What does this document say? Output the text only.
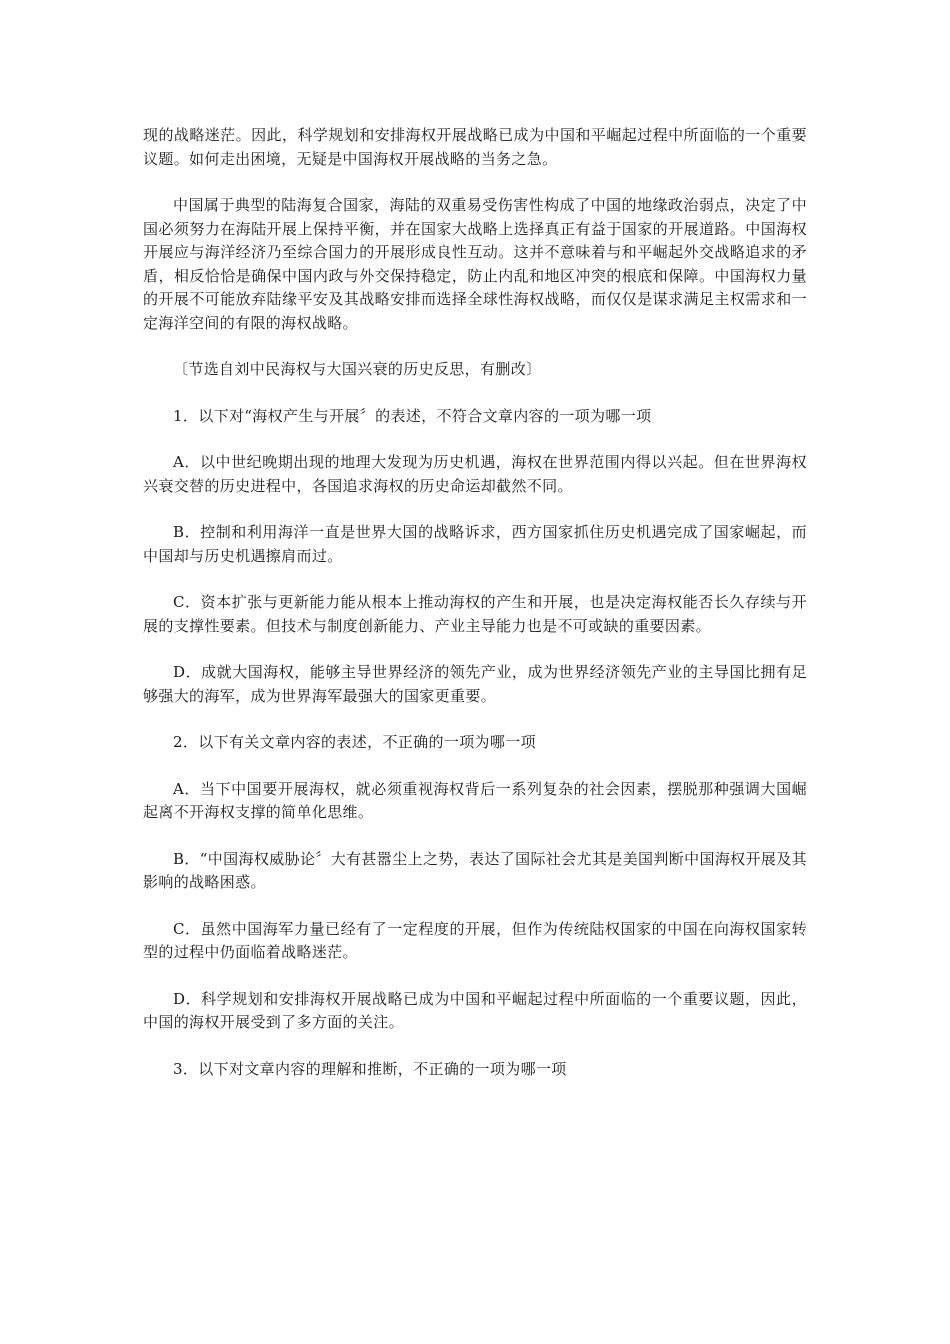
现的战略迷茫。因此，科学规划和安排海权开展战略已成为中国和平崛起过程中所面临的一个重要议题。如何走出困境，无疑是中国海权开展战略的当务之急。

中国属于典型的陆海复合国家，海陆的双重易受伤害性构成了中国的地缘政治弱点，决定了中国必须努力在海陆开展上保持平衡，并在国家大战略上选择真正有益于国家的开展道路。中国海权开展应与海洋经济乃至综合国力的开展形成良性互动。这并不意味着与和平崛起外交战略追求的矛盾，相反恰恰是确保中国内政与外交保持稳定，防止内乱和地区冲突的根底和保障。中国海权力量的开展不可能放弃陆缘平安及其战略安排而选择全球性海权战略，而仅仅是谋求满足主权需求和一定海洋空间的有限的海权战略。

〔节选自刘中民海权与大国兴衰的历史反思，有删改〕

1．以下对“海权产生与开展〞的表述，不符合文章内容的一项为哪一项

A．以中世纪晚期出现的地理大发现为历史机遇，海权在世界范围内得以兴起。但在世界海权兴衰交替的历史进程中，各国追求海权的历史命运却截然不同。

B．控制和利用海洋一直是世界大国的战略诉求，西方国家抓住历史机遇完成了国家崛起，而中国却与历史机遇擦肩而过。

C．资本扩张与更新能力能从根本上推动海权的产生和开展，也是决定海权能否长久存续与开展的支撑性要素。但技术与制度创新能力、产业主导能力也是不可或缺的重要因素。

D．成就大国海权，能够主导世界经济的领先产业，成为世界经济领先产业的主导国比拥有足够强大的海军，成为世界海军最强大的国家更重要。

2．以下有关文章内容的表述，不正确的一项为哪一项

A．当下中国要开展海权，就必须重视海权背后一系列复杂的社会因素，摆脱那种强调大国崛起离不开海权支撑的简单化思维。

B．“中国海权威胁论〞大有甚嚣尘上之势，表达了国际社会尤其是美国判断中国海权开展及其影响的战略困惑。

C．虽然中国海军力量已经有了一定程度的开展，但作为传统陆权国家的中国在向海权国家转型的过程中仍面临着战略迷茫。

D．科学规划和安排海权开展战略已成为中国和平崛起过程中所面临的一个重要议题，因此，中国的海权开展受到了多方面的关注。

3．以下对文章内容的理解和推断，不正确的一项为哪一项
